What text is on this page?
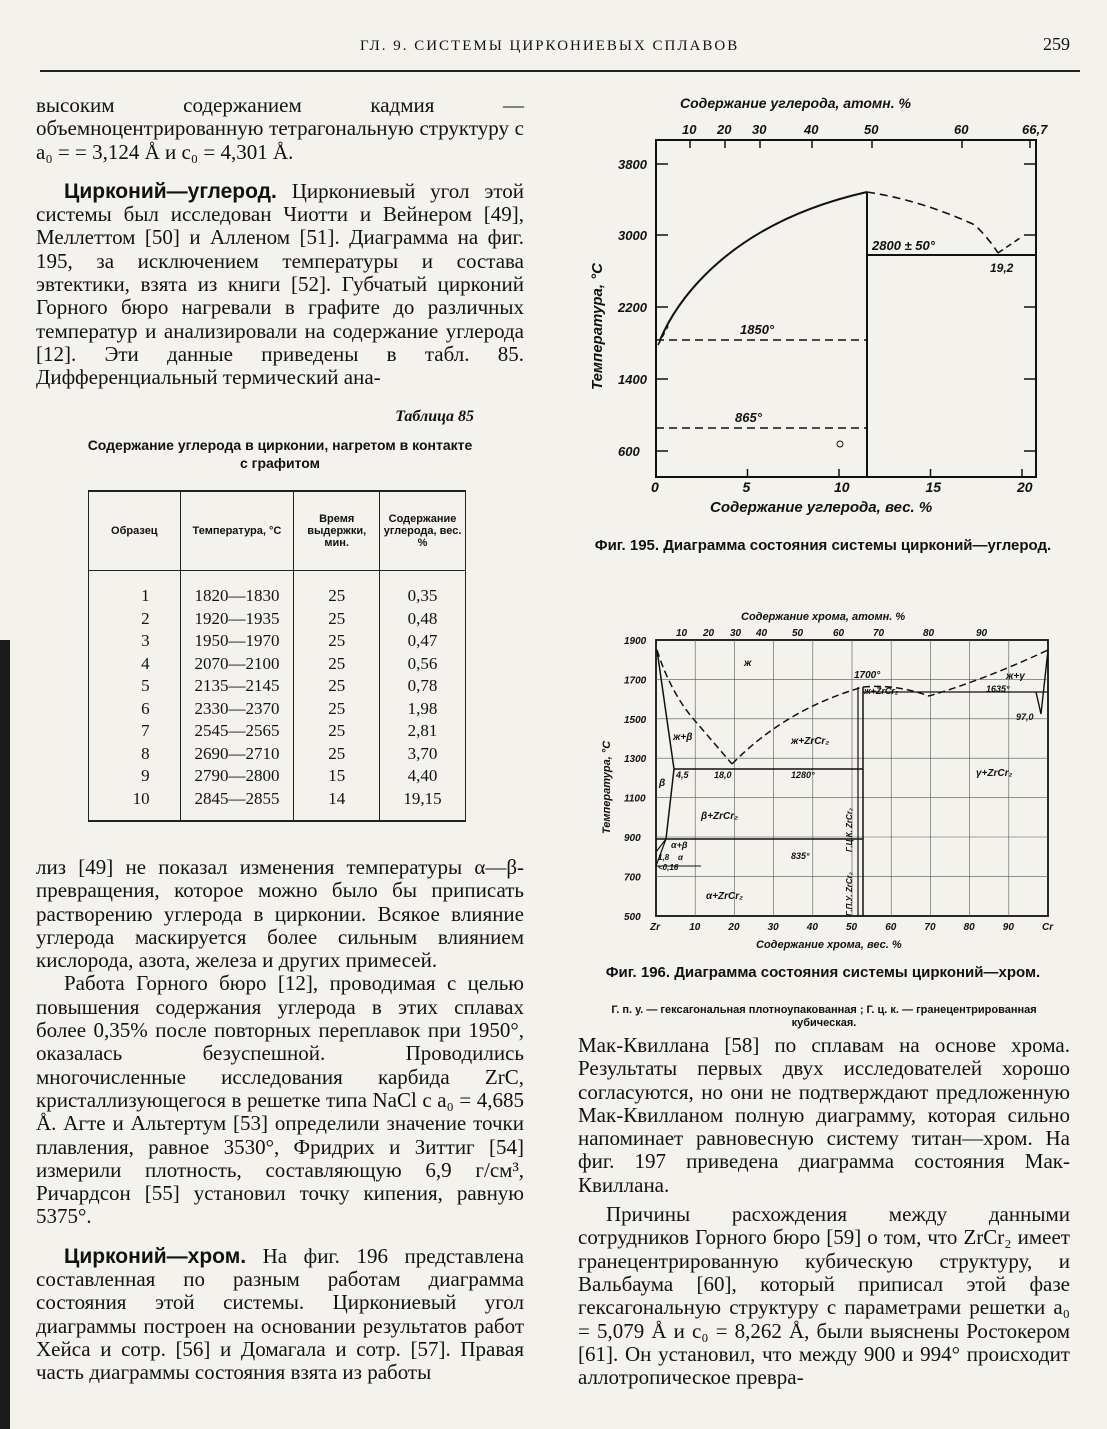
ГЛ. 9. СИСТЕМЫ ЦИРКОНИЕВЫХ СПЛАВОВ	259

высоким содержанием кадмия — объемноцентрированную тетрагональную структуру с a₀ = = 3,124 Å и c₀ = 4,301 Å.

Цирконий—углерод. Циркониевый угол этой системы был исследован Чиотти и Вейнером [49], Меллеттом [50] и Алленом [51]. Диаграмма на фиг. 195, за исключением температуры и состава эвтектики, взята из книги [52]. Губчатый цирконий Горного бюро нагревали в графите до различных температур и анализировали на содержание углерода [12]. Эти данные приведены в табл. 85. Дифференциальный термический ана-

Таблица 85
Содержание углерода в цирконии, нагретом в контакте с графитом
Образец	Температура, °C	Время выдержки, мин.	Содержание углерода, вес. %
1	1820—1830	25	0,35
2	1920—1935	25	0,48
3	1950—1970	25	0,47
4	2070—2100	25	0,56
5	2135—2145	25	0,78
6	2330—2370	25	1,98
7	2545—2565	25	2,81
8	2690—2710	25	3,70
9	2790—2800	15	4,40
10	2845—2855	14	19,15

лиз [49] не показал изменения температуры α—β-превращения, которое можно было бы приписать растворению углерода в цирконии. Всякое влияние углерода маскируется более сильным влиянием кислорода, азота, железа и других примесей.

Работа Горного бюро [12], проводимая с целью повышения содержания углерода в этих сплавах более 0,35% после повторных переплавок при 1950°, оказалась безуспешной. Проводились многочисленные исследования карбида ZrC, кристаллизующегося в решетке типа NaCl с a₀ = 4,685 Å. Агте и Альтертум [53] определили значение точки плавления, равное 3530°, Фридрих и Зиттиг [54] измерили плотность, составляющую 6,9 г/см³, Ричардсон [55] установил точку кипения, равную 5375°.

Цирконий—хром. На фиг. 196 представлена составленная по разным работам диаграмма состояния этой системы. Циркониевый угол диаграммы построен на основании результатов работ Хейса и сотр. [56] и Домагала и сотр. [57]. Правая часть диаграммы состояния взята из работы

Содержание углерода, атомн. %
10 20 30	40	50	60	66,7
3800
3000
2200
1400
600
0	5	10	15	20
Температура, °C
Содержание углерода, вес. %
2800 ± 50°
19,2
1850°
865°
Фиг. 195. Диаграмма состояния системы цирконий—углерод.
Содержание хрома, атомн. %
10 20 30 40 50	60	70	80	90
1900
1700
1500
1300
1100
900
700
500
Zr	10	20	30	40	50	60	70	80	90	Cr
Температура, °C
Содержание хрома, вес. %
ж
ж+γ
1700°
ж+ZrCr₂	1635°
97,0
ж+β	ж+ZrCr₂
β
4,5	18,0	1280°	γ+ZrCr₂
β+ZrCr₂	Г.Ц.К. ZrCr₂
α+β
1,8 α
<0,16
835°
Г.П.У. ZrCr₂
α+ZrCr₂
Фиг. 196. Диаграмма состояния системы цирконий—хром.
Г. п. у. — гексагональная плотноупакованная ; Г. ц. к. — гранецентрированная кубическая.

Мак-Квиллана [58] по сплавам на основе хрома. Результаты первых двух исследователей хорошо согласуются, но они не подтверждают предложенную Мак-Квилланом полную диаграмму, которая сильно напоминает равновесную систему титан—хром. На фиг. 197 приведена диаграмма состояния Мак-Квиллана.

Причины расхождения между данными сотрудников Горного бюро [59] о том, что ZrCr₂ имеет гранецентрированную кубическую структуру, и Вальбаума [60], который приписал этой фазе гексагональную структуру с параметрами решетки a₀ = 5,079 Å и c₀ = 8,262 Å, были выяснены Ростокером [61]. Он установил, что между 900 и 994° происходит аллотропическое превра-
